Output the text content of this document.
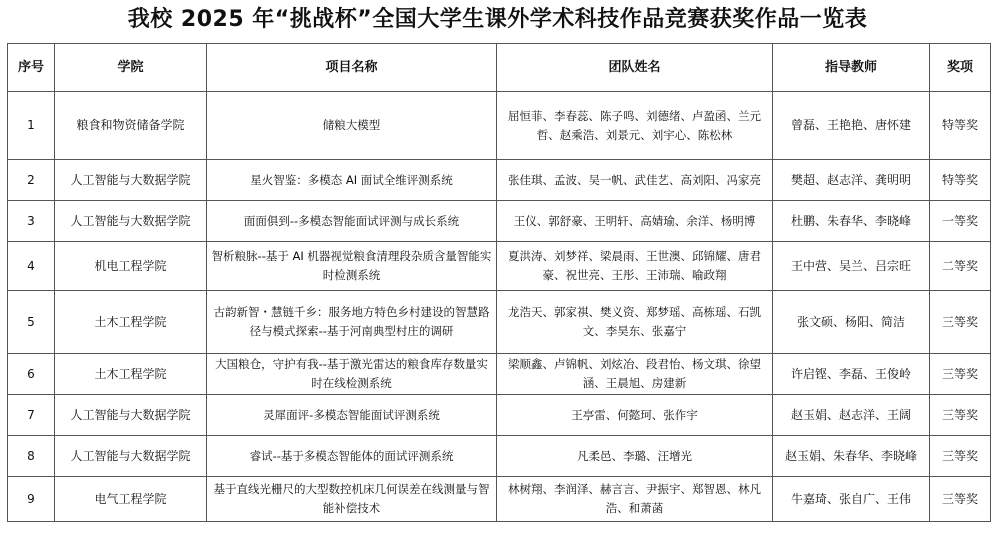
我校 2025 年“挑战杯”全国大学生课外学术科技作品竞赛获奖作品一览表
序号	学院	项目名称	团队姓名	指导教师	奖项
1	粮食和物资储备学院	储粮大模型	屈恒菲、李春蕊、陈子鸣、刘德绪、卢盈函、兰元哲、赵乘浩、刘景元、刘宇心、陈松林	曾磊、王艳艳、唐怀建	特等奖
2	人工智能与大数据学院	星火智鉴：多模态 AI 面试全维评测系统	张佳琪、孟波、吴一帆、武佳艺、高刘阳、冯家亮	樊超、赵志洋、龚明明	特等奖
3	人工智能与大数据学院	面面俱到--多模态智能面试评测与成长系统	王仪、郭舒豪、王明轩、高婧瑜、余洋、杨明博	杜鹏、朱春华、李晓峰	一等奖
4	机电工程学院	智析粮脉--基于 AI 机器视觉粮食清理段杂质含量智能实时检测系统	夏洪涛、刘梦祥、梁晨雨、王世澳、邱锦耀、唐君豪、祝世亮、王彤、王沛瑞、喻政翔	王中营、吴兰、吕宗旺	二等奖
5	土木工程学院	古韵新智・慧链千乡：服务地方特色乡村建设的智慧路径与模式探索--基于河南典型村庄的调研	龙浩天、郭家祺、樊义资、郑梦瑶、高栋瑶、石凯文、李昊东、张嘉宁	张文硕、杨阳、简洁	三等奖
6	土木工程学院	大国粮仓，守护有我--基于激光雷达的粮食库存数量实时在线检测系统	梁顺鑫、卢锦帆、刘炫冶、段君怡、杨文琪、徐望涵、王晨旭、房建新	许启铿、李磊、王俊岭	三等奖
7	人工智能与大数据学院	灵犀面评-多模态智能面试评测系统	王亭雷、何懿珂、张作宇	赵玉娟、赵志洋、王阔	三等奖
8	人工智能与大数据学院	睿试--基于多模态智能体的面试评测系统	凡柔邑、李璐、汪增光	赵玉娟、朱春华、李晓峰	三等奖
9	电气工程学院	基于直线光栅尺的大型数控机床几何误差在线测量与智能补偿技术	林树翔、李润泽、赫言言、尹振宇、郑智恩、林凡浩、和萧菡	牛嘉琦、张自广、王伟	三等奖
